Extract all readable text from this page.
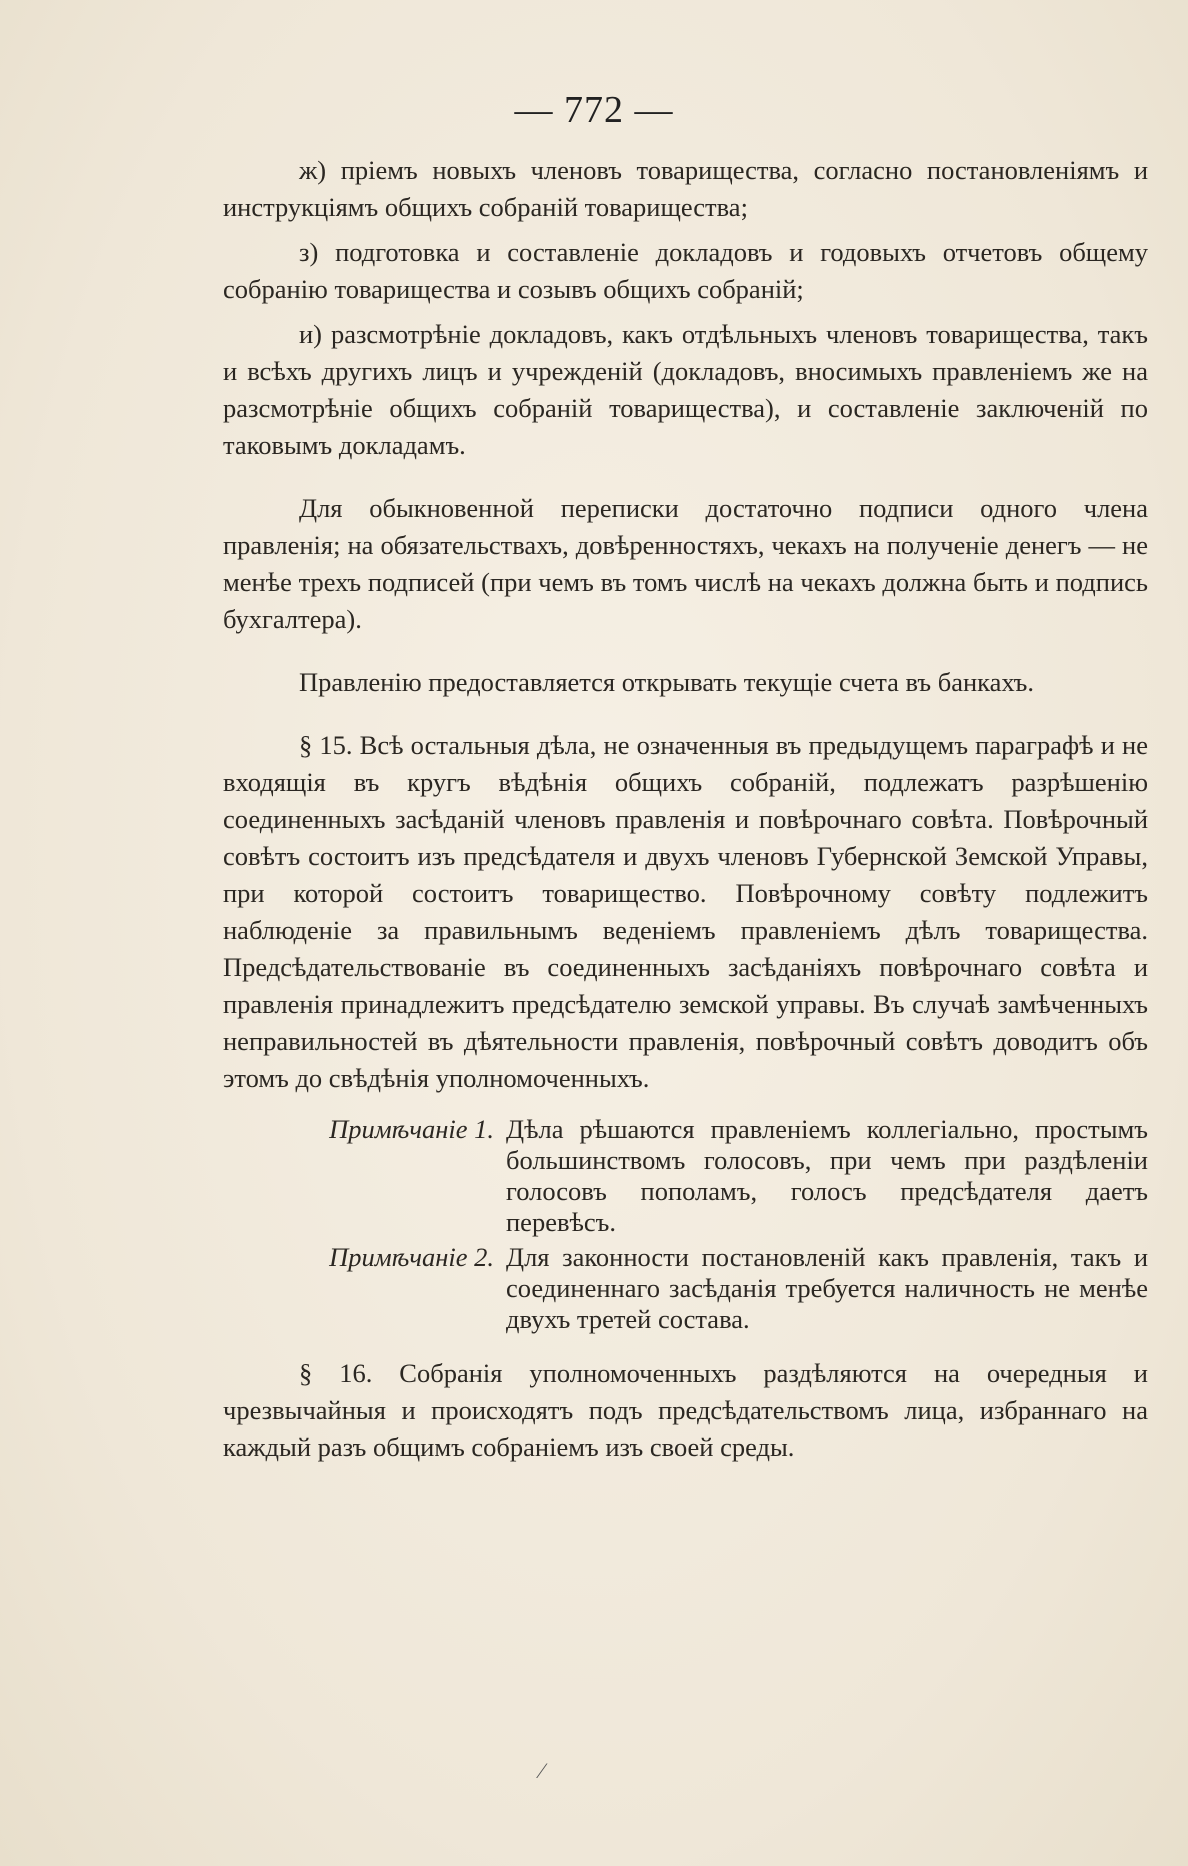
— 772 —

ж) пріемъ новыхъ членовъ товарищества, согласно постановленіямъ и инструкціямъ общихъ собраній товарищества;

з) подготовка и составленіе докладовъ и годовыхъ отчетовъ общему собранію товарищества и созывъ общихъ собраній;

и) разсмотрѣніе докладовъ, какъ отдѣльныхъ членовъ товарищества, такъ и всѣхъ другихъ лицъ и учрежденій (докладовъ, вносимыхъ правленіемъ же на разсмотрѣніе общихъ собраній товарищества), и составленіе заключеній по таковымъ докладамъ.

Для обыкновенной переписки достаточно подписи одного члена правленія; на обязательствахъ, довѣренностяхъ, чекахъ на полученіе денегъ — не менѣе трехъ подписей (при чемъ въ томъ числѣ на чекахъ должна быть и подпись бухгалтера).

Правленію предоставляется открывать текущіе счета въ банкахъ.

§ 15. Всѣ остальныя дѣла, не означенныя въ предыдущемъ параграфѣ и не входящія въ кругъ вѣдѣнія общихъ собраній, подлежатъ разрѣшенію соединенныхъ засѣданій членовъ правленія и повѣрочнаго совѣта. Повѣрочный совѣтъ состоитъ изъ предсѣдателя и двухъ членовъ Губернской Земской Управы, при которой состоитъ товарищество. Повѣрочному совѣту подлежитъ наблюденіе за правильнымъ веденіемъ правленіемъ дѣлъ товарищества. Предсѣдательствованіе въ соединенныхъ засѣданіяхъ повѣрочнаго совѣта и правленія принадлежитъ предсѣдателю земской управы. Въ случаѣ замѣченныхъ неправильностей въ дѣятельности правленія, повѣрочный совѣтъ доводитъ объ этомъ до свѣдѣнія уполномоченныхъ.

Примѣчаніе 1. Дѣла рѣшаются правленіемъ коллегіально, простымъ большинствомъ голосовъ, при чемъ при раздѣленіи голосовъ пополамъ, голосъ предсѣдателя даетъ перевѣсъ.
Примѣчаніе 2. Для законности постановленій какъ правленія, такъ и соединеннаго засѣданія требуется наличность не менѣе двухъ третей состава.

§ 16. Собранія уполномоченныхъ раздѣляются на очередныя и чрезвычайныя и происходятъ подъ предсѣдательствомъ лица, избраннаго на каждый разъ общимъ собраніемъ изъ своей среды.

⁄
